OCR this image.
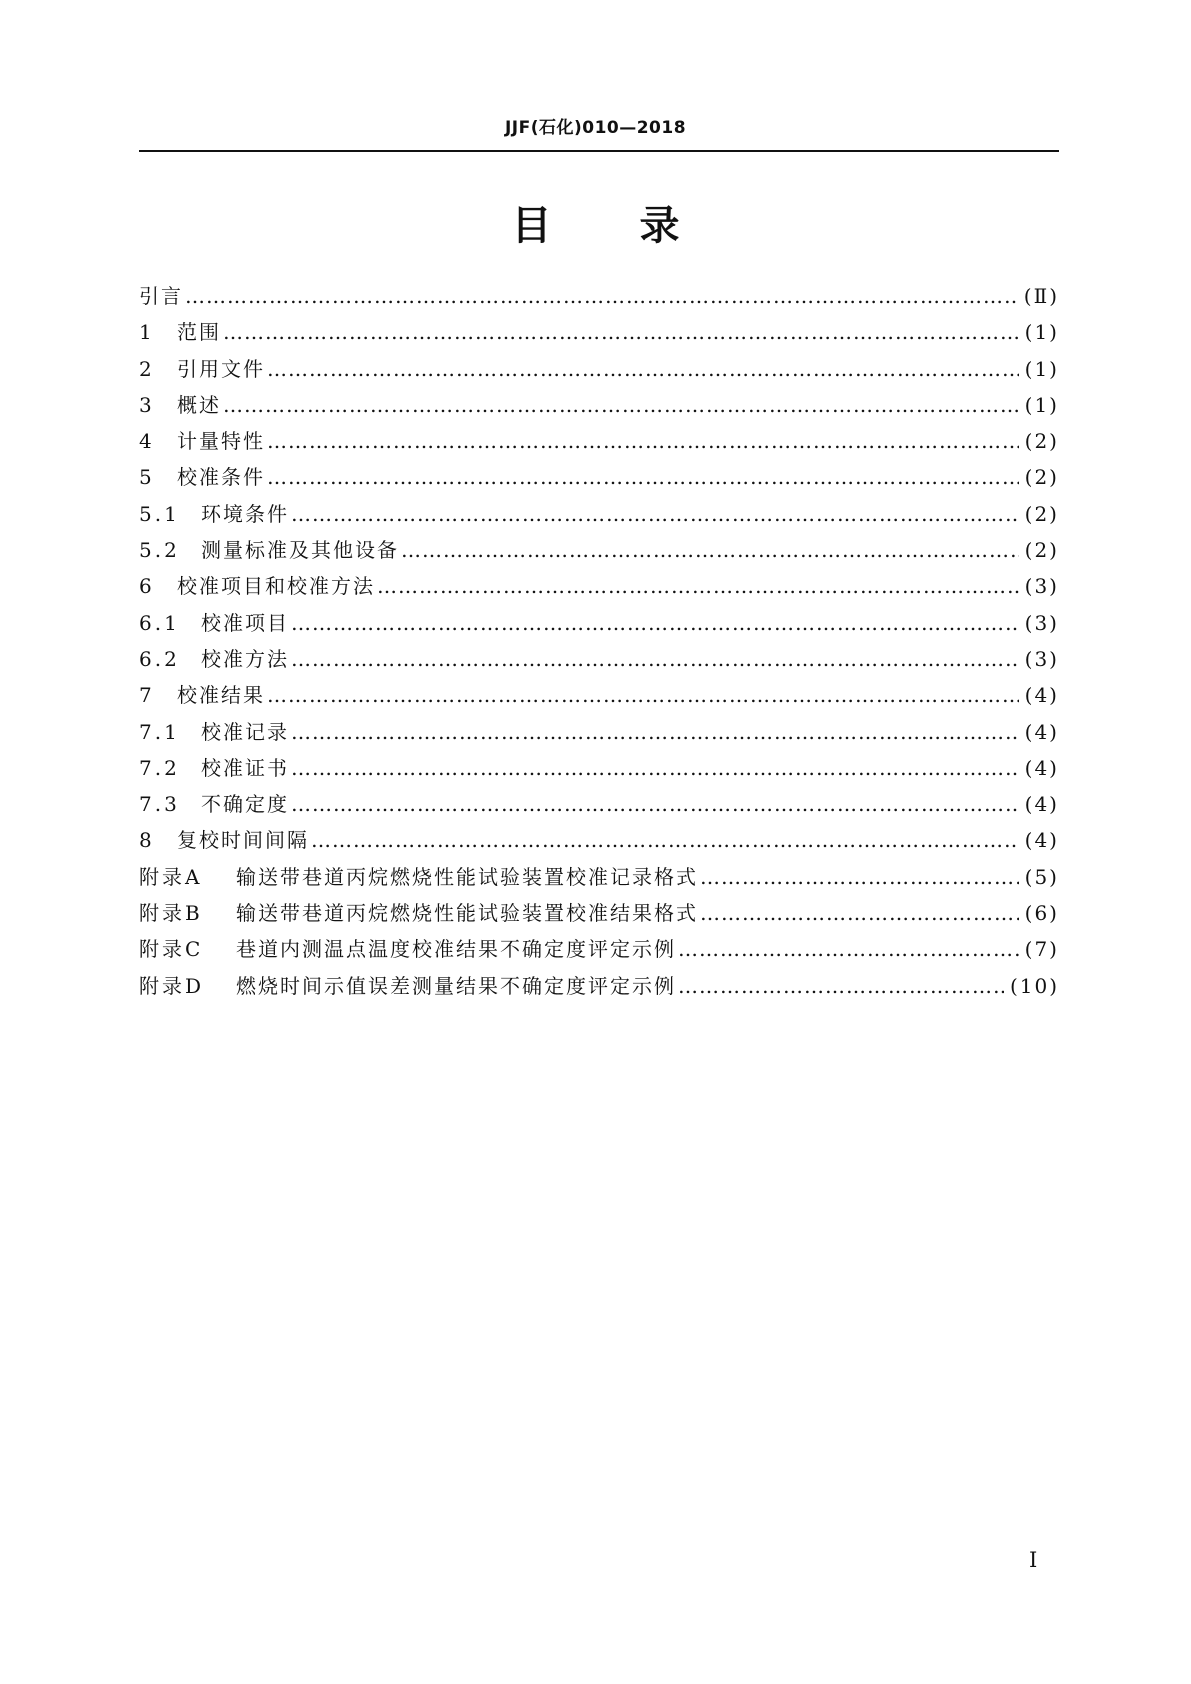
JJF(石化)010—2018
目 录
引言 ………………………………………………………………………………………………………………………………………………	(Ⅱ)
1	范围 ………………………………………………………………………………………………………………………………………………	(1)
2	引用文件 ………………………………………………………………………………………………………………………………………………	(1)
3	概述 ………………………………………………………………………………………………………………………………………………	(1)
4	计量特性 ………………………………………………………………………………………………………………………………………………	(2)
5	校准条件 ………………………………………………………………………………………………………………………………………………	(2)
5.1	环境条件 ………………………………………………………………………………………………………………………………………………	(2)
5.2	测量标准及其他设备 ………………………………………………………………………………………………………………………………………………	(2)
6	校准项目和校准方法 ………………………………………………………………………………………………………………………………………………	(3)
6.1	校准项目 ………………………………………………………………………………………………………………………………………………	(3)
6.2	校准方法 ………………………………………………………………………………………………………………………………………………	(3)
7	校准结果 ………………………………………………………………………………………………………………………………………………	(4)
7.1	校准记录 ………………………………………………………………………………………………………………………………………………	(4)
7.2	校准证书 ………………………………………………………………………………………………………………………………………………	(4)
7.3	不确定度 ………………………………………………………………………………………………………………………………………………	(4)
8	复校时间间隔 ………………………………………………………………………………………………………………………………………………	(4)
附录A	输送带巷道丙烷燃烧性能试验装置校准记录格式 ………………………………………………………………………………………………………………………………………………	(5)
附录B	输送带巷道丙烷燃烧性能试验装置校准结果格式 ………………………………………………………………………………………………………………………………………………	(6)
附录C	巷道内测温点温度校准结果不确定度评定示例 ………………………………………………………………………………………………………………………………………………	(7)
附录D	燃烧时间示值误差测量结果不确定度评定示例 ………………………………………………………………………………………………………………………………………………	(10)
Ⅰ
